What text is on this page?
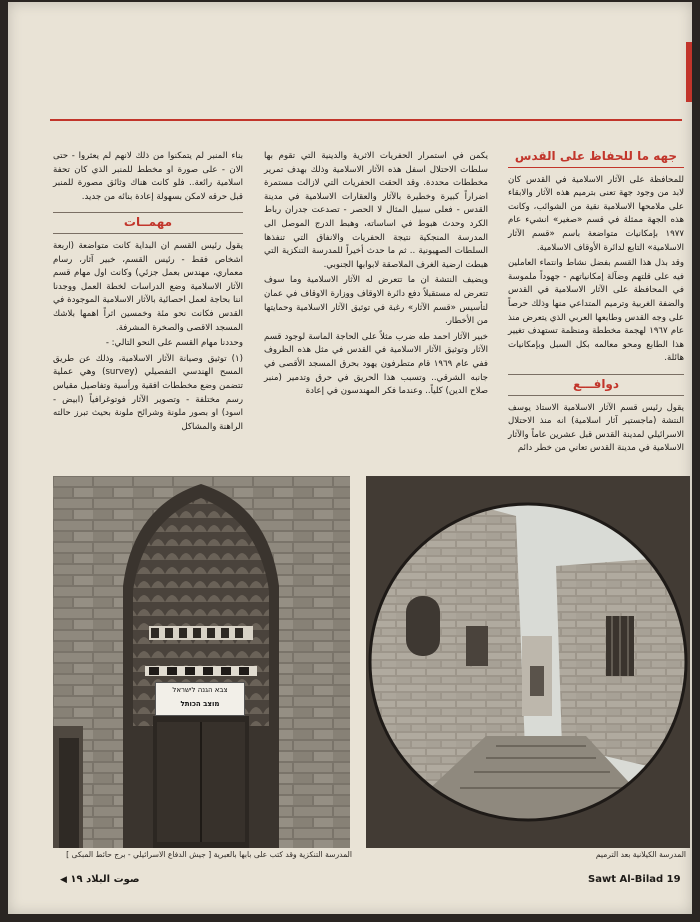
جهه ما للحفاظ على القدس

للمحافظة على الآثار الاسلامية في القدس كان لابد من وجود جهة تعنى بترميم هذه الآثار والابقاء على ملامحها الاسلامية نقية من الشوائب، وكانت هذه الجهة ممثلة في قسم «صغير» انشيء عام ١٩٧٧ بإمكانيات متواضعة باسم «قسم الآثار الاسلامية» التابع لدائرة الأوقاف الاسلامية.

وقد بذل هذا القسم بفضل نشاط وانتماء العاملين فيه على قلتهم وضآلة إمكانياتهم - جهوداً ملموسة في المحافظة على الآثار الاسلامية في القدس والضفة الغربية وترميم المتداعي منها وذلك حرصاً على وجه القدس وطابعها العربي الذي يتعرض منذ عام ١٩٦٧ لهجمة مخططة ومنظمة تستهدف تغيير هذا الطابع ومحو معالمه بكل السبل وبإمكانيات هائلة.

دوافـــع

يقول رئيس قسم الآثار الاسلامية الاستاذ يوسف النتشة (ماجستير آثار اسلامية) انه منذ الاحتلال الاسرائيلي لمدينة القدس قبل عشرين عاماً والآثار الاسلامية في مدينة القدس تعاني من خطر دائم

يكمن في استمرار الحفريات الاثرية والدينية التي تقوم بها سلطات الاحتلال اسفل هذه الآثار الاسلامية وذلك بهدف تمرير مخططات محددة. وقد الحقت الحفريات التي لازالت مستمرة اضراراً كبيرة وخطيرة بالآثار والعقارات الاسلامية في مدينة القدس - فعلى سبيل المثال لا الحصر - تصدعت جدران رباط الكرد وحدث هبوط في اساساته، وهبط الدرج الموصل الى المدرسة المنجكية نتيجة الحفريات والانفاق التي تنفذها السلطات الصهيونية .. ثم ما حدث أخيراً للمدرسة التنكزية التي هبطت ارضية الغرف الملاصقة لابوابها الجنوبي.

ويضيف النتشة ان ما تتعرض له الآثار الاسلامية وما سوف تتعرض له مستقبلاً دفع دائرة الاوقاف ووزارة الاوقاف في عمان لتأسيس «قسم الآثار» رغبة في توثيق الآثار الاسلامية وحمايتها من الأخطار.

خبير الآثار احمد طه ضرب مثلاً على الحاجة الماسة لوجود قسم الآثار وتوثيق الآثار الاسلامية في القدس في مثل هذه الظروف ففي عام ١٩٦٩ قام متطرفون يهود بحرق المسجد الأقصى في جانبه الشرقي.. وتسبب هذا الحريق في حرق وتدمير (منبر صلاح الدين) كلياً.. وعندما فكر المهندسون في إعادة

بناء المنبر لم يتمكنوا من ذلك لانهم لم يعثروا - حتى الان - على صورة او مخطط للمنبر الذي كان تحفة اسلامية رائعة.. فلو كانت هناك وثائق مصورة للمنبر قبل حرقه لامكن بسهولة إعادة بنائه من جديد.

مهمــات

يقول رئيس القسم ان البداية كانت متواضعة (اربعة اشخاص فقط - رئيس القسم، خبير آثار، رسام معماري، مهندس بعمل جزئي) وكانت اول مهام قسم الآثار الاسلامية وضع الدراسات لخطة العمل ووجدنا اننا بحاجة لعمل احصائية بالآثار الاسلامية الموجودة في القدس فكانت نحو مئة وخمسين اثراً اهمها بلاشك المسجد الاقصى والصخرة المشرفة.

وحددنا مهام القسم على النحو التالي: -

(١) توثيق وصيانة الآثار الاسلامية، وذلك عن طريق المسح الهندسي التفصيلي (survey) وهي عملية تتضمن وضع مخططات افقية ورأسية وتفاصيل مقياس رسم مختلفة - وتصوير الآثار فوتوغرافياً (ابيض - اسود) او بصور ملونة وشرائح ملونة بحيث تبرز حالته الراهنة والمشاكل

צבא הגנה לישראל
מוצב הכותל
المدرسة التنكزية وقد كتب على بابها بالعبرية [ جيش الدفاع الاسرائيلي - برج حائط المبكى ]	المدرسة الكيلانية بعد الترميم
صوت البلاد ١٩ ◀	Sawt Al-Bilad 19
